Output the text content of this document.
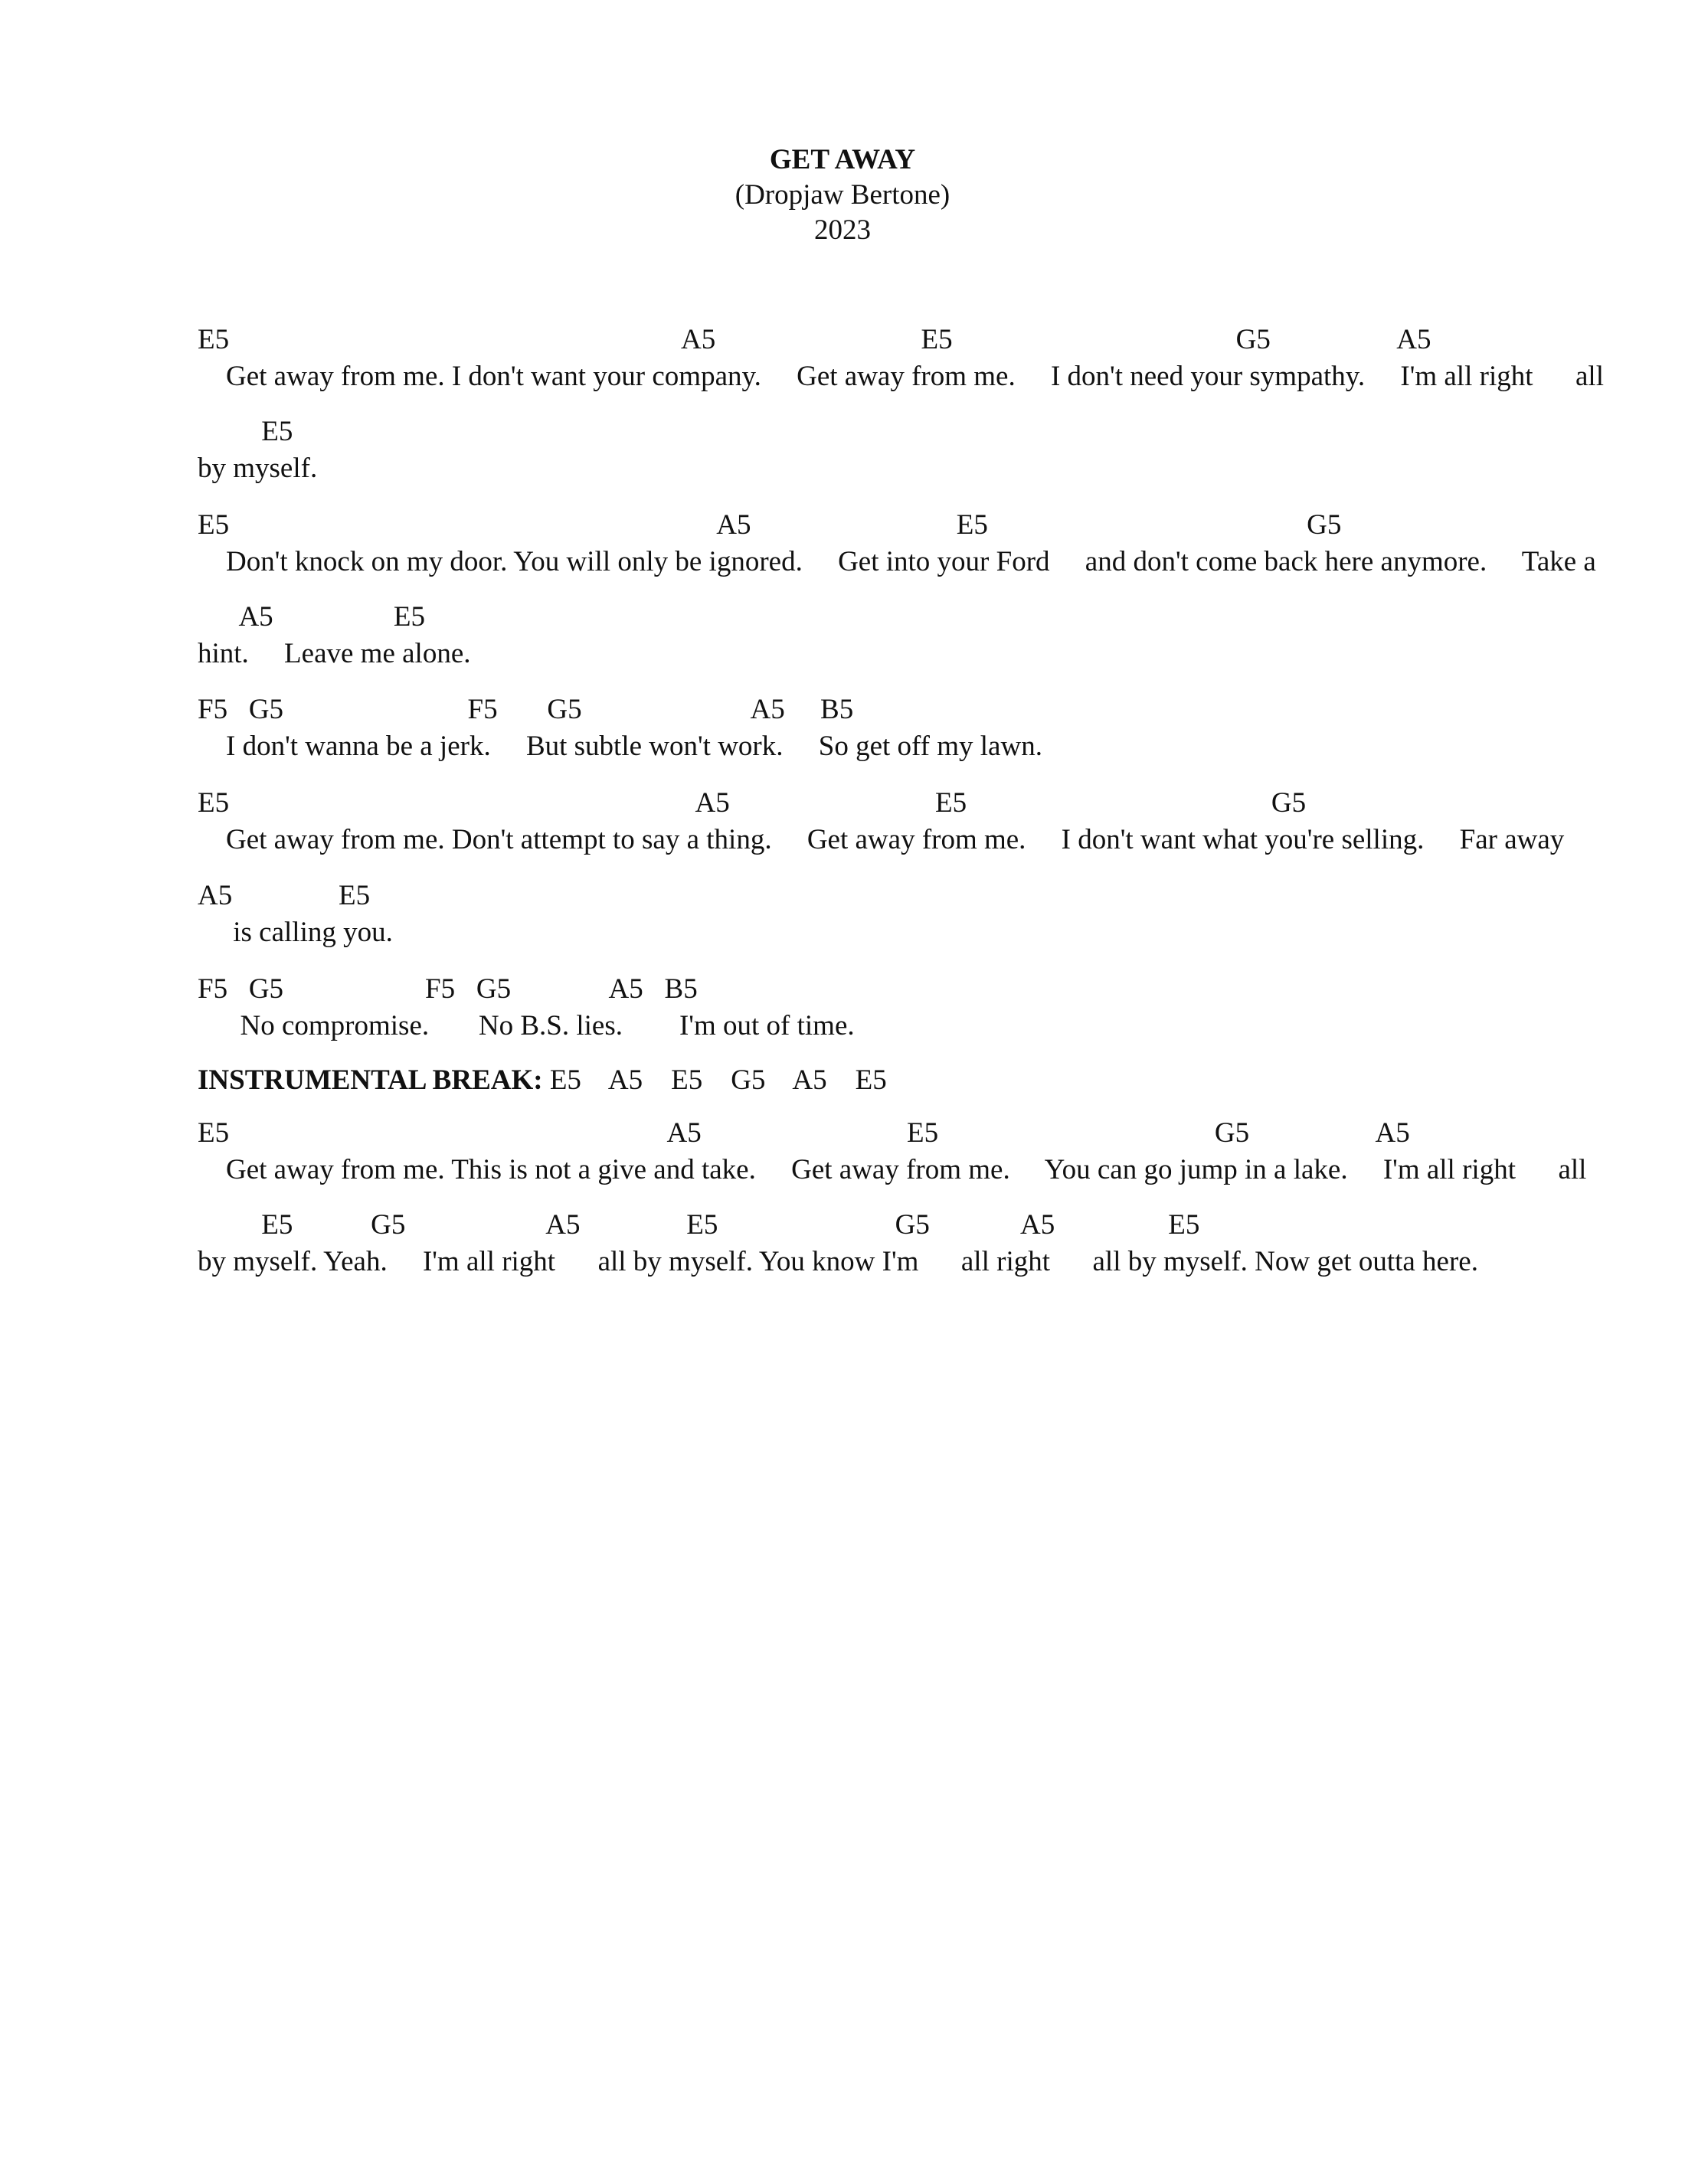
GET AWAY
(Dropjaw Bertone)
2023
E5                                                                A5                             E5                                        G5                  A5
Get away from me. I don't want your company.     Get away from me.     I don't need your sympathy.     I'm all right      all
E5
by myself.
E5                                                                     A5                             E5                                             G5
Don't knock on my door. You will only be ignored.     Get into your Ford     and don't come back here anymore.     Take a
A5                 E5
hint.     Leave me alone.
F5   G5                          F5       G5                        A5     B5
I don't wanna be a jerk.     But subtle won't work.     So get off my lawn.
E5                                                                  A5                             E5                                           G5
Get away from me. Don't attempt to say a thing.     Get away from me.     I don't want what you're selling.     Far away
A5               E5
is calling you.
F5   G5                    F5   G5              A5   B5
No compromise.       No B.S. lies.        I'm out of time.
INSTRUMENTAL BREAK: E5    A5    E5    G5    A5    E5
E5                                                              A5                             E5                                       G5                  A5
Get away from me. This is not a give and take.     Get away from me.     You can go jump in a lake.     I'm all right      all
E5           G5                    A5               E5                         G5             A5                E5
by myself. Yeah.     I'm all right      all by myself. You know I'm      all right      all by myself. Now get outta here.
